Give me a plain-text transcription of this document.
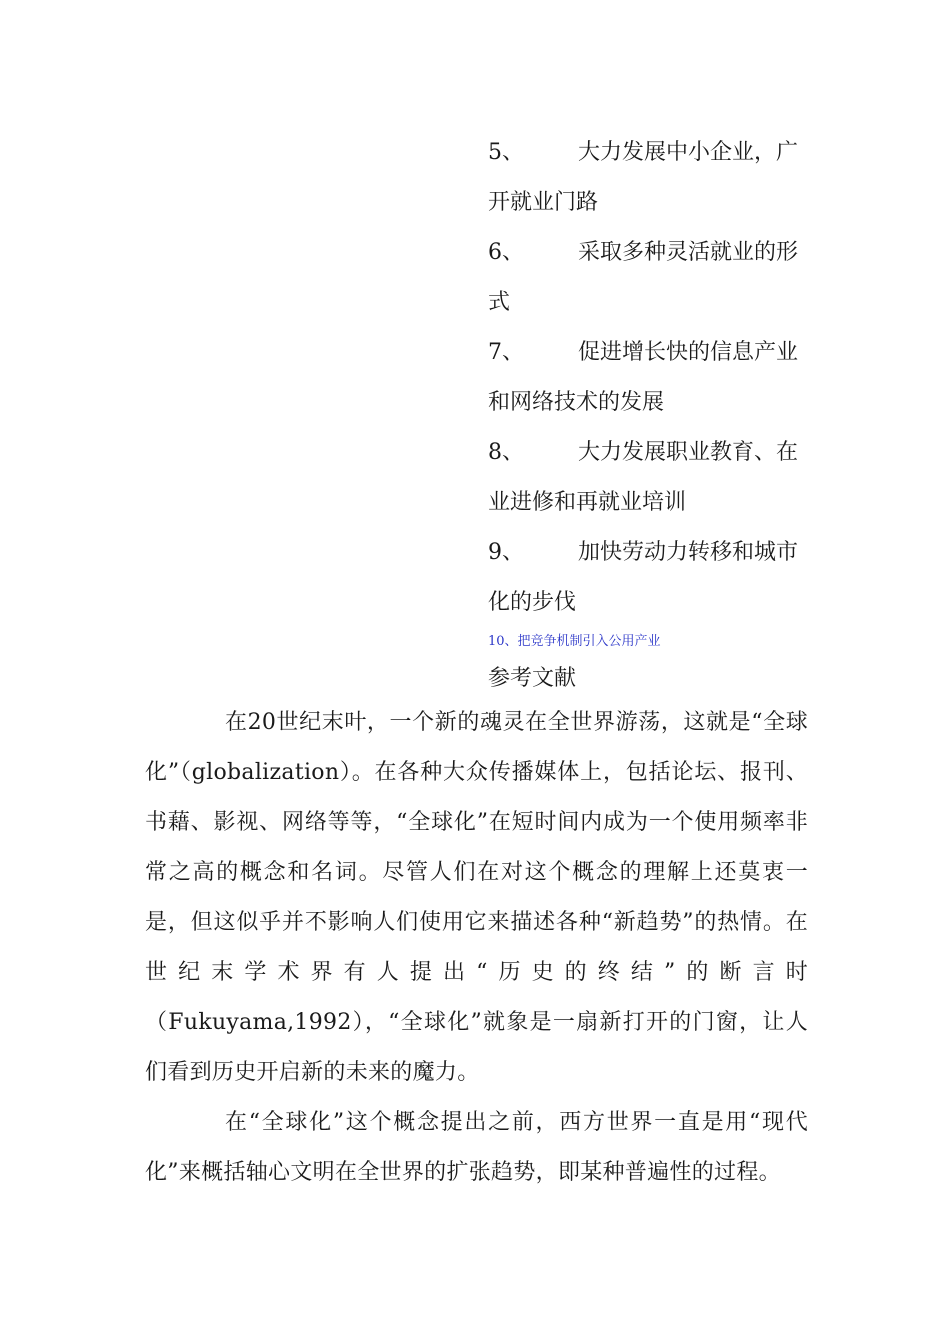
5、 大力发展中小企业，广
开就业门路
6、 采取多种灵活就业的形
式
7、 促进增长快的信息产业
和网络技术的发展
8、 大力发展职业教育、在
业进修和再就业培训
9、 加快劳动力转移和城市
化的步伐
10、把竞争机制引入公用产业
参考文献

在20世纪末叶，一个新的魂灵在全世界游荡，这就是“全球化”（globalization）。在各种大众传播媒体上，包括论坛、报刊、书藉、影视、网络等等，“全球化”在短时间内成为一个使用频率非常之高的概念和名词。尽管人们在对这个概念的理解上还莫衷一是，但这似乎并不影响人们使用它来描述各种“新趋势”的热情。在世纪末学术界有人提出“历史的终结”的断言时（Fukuyama,1992），“全球化”就象是一扇新打开的门窗，让人们看到历史开启新的未来的魔力。

在“全球化”这个概念提出之前，西方世界一直是用“现代化”来概括轴心文明在全世界的扩张趋势，即某种普遍性的过程。
